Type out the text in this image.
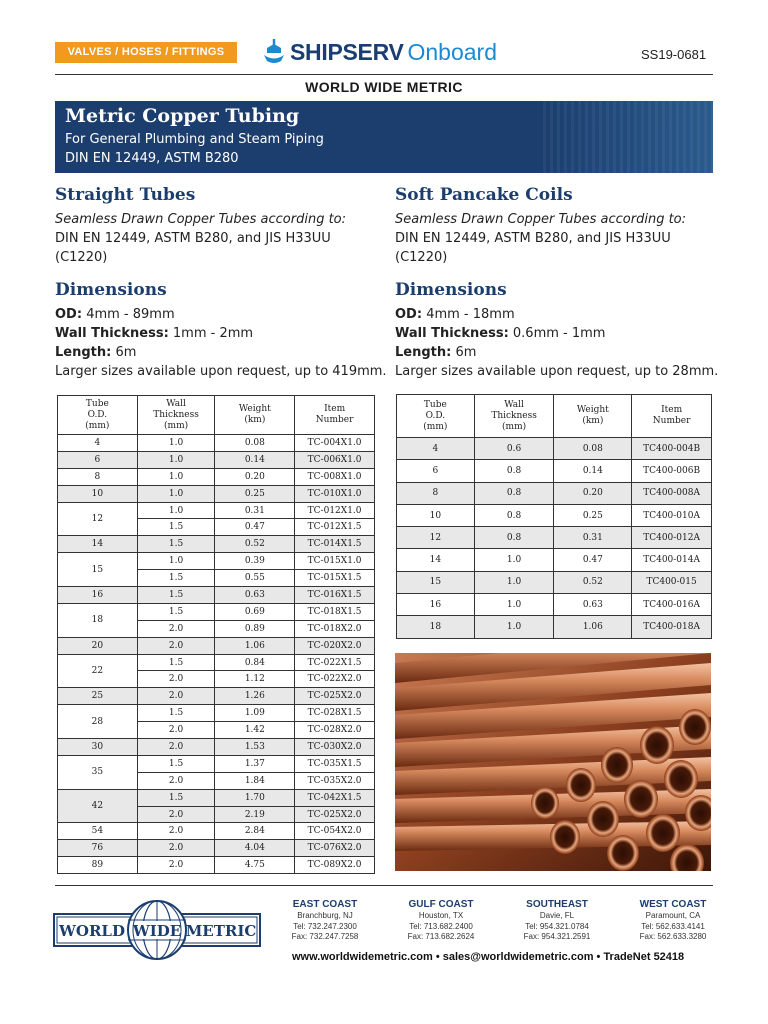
VALVES / HOSES / FITTINGS	SHIPSERV Onboard	SS19-0681
WORLD WIDE METRIC
Metric Copper Tubing
For General Plumbing and Steam Piping
DIN EN 12449, ASTM B280
Straight Tubes
Seamless Drawn Copper Tubes according to:
DIN EN 12449, ASTM B280, and JIS H33UU
(C1220)
Dimensions
OD: 4mm - 89mm
Wall Thickness: 1mm - 2mm
Length: 6m
Larger sizes available upon request, up to 419mm.
Soft Pancake Coils
Seamless Drawn Copper Tubes according to:
DIN EN 12449, ASTM B280, and JIS H33UU
(C1220)
Dimensions
OD: 4mm - 18mm
Wall Thickness: 0.6mm - 1mm
Length: 6m
Larger sizes available upon request, up to 28mm.
Tube
O.D.
(mm)	Wall
Thickness
(mm)	Weight
(km)	Item
Number
4	1.0	0.08	TC-004X1.0
6	1.0	0.14	TC-006X1.0
8	1.0	0.20	TC-008X1.0
10	1.0	0.25	TC-010X1.0
12	1.0	0.31	TC-012X1.0
	1.5	0.47	TC-012X1.5
14	1.5	0.52	TC-014X1.5
15	1.0	0.39	TC-015X1.0
	1.5	0.55	TC-015X1.5
16	1.5	0.63	TC-016X1.5
18	1.5	0.69	TC-018X1.5
	2.0	0.89	TC-018X2.0
20	2.0	1.06	TC-020X2.0
22	1.5	0.84	TC-022X1.5
	2.0	1.12	TC-022X2.0
25	2.0	1.26	TC-025X2.0
28	1.5	1.09	TC-028X1.5
	2.0	1.42	TC-028X2.0
30	2.0	1.53	TC-030X2.0
35	1.5	1.37	TC-035X1.5
	2.0	1.84	TC-035X2.0
42	1.5	1.70	TC-042X1.5
	2.0	2.19	TC-025X2.0
54	2.0	2.84	TC-054X2.0
76	2.0	4.04	TC-076X2.0
89	2.0	4.75	TC-089X2.0
Tube
O.D.
(mm)	Wall
Thickness
(mm)	Weight
(km)	Item
Number
4	0.6	0.08	TC400-004B
6	0.8	0.14	TC400-006B
8	0.8	0.20	TC400-008A
10	0.8	0.25	TC400-010A
12	0.8	0.31	TC400-012A
14	1.0	0.47	TC400-014A
15	1.0	0.52	TC400-015
16	1.0	0.63	TC400-016A
18	1.0	1.06	TC400-018A
WORLD WIDE METRIC
EAST COAST
Branchburg, NJ
Tel: 732.247.2300
Fax: 732.247.7258
GULF COAST
Houston, TX
Tel: 713.682.2400
Fax: 713.682.2624
SOUTHEAST
Davie, FL
Tel: 954.321.0784
Fax: 954.321.2591
WEST COAST
Paramount, CA
Tel: 562.633.4141
Fax: 562.633.3280
www.worldwidemetric.com • sales@worldwidemetric.com • TradeNet 52418
